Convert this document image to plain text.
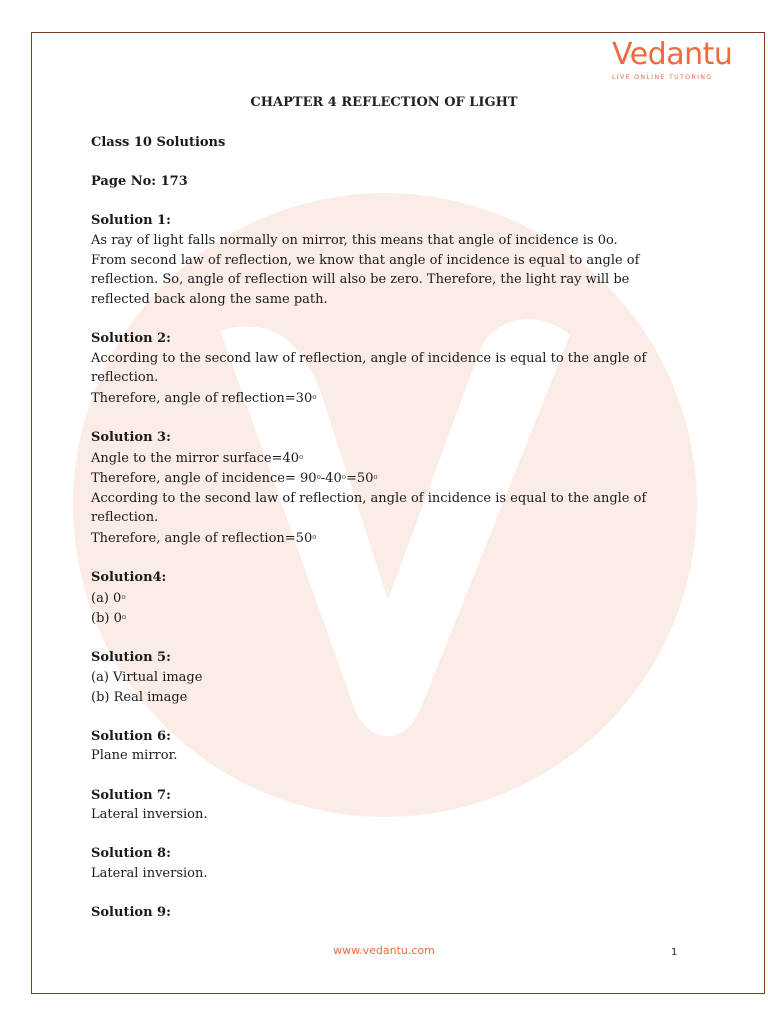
Vedantu
LIVE ONLINE TUTORING
CHAPTER 4 REFLECTION OF LIGHT
Class 10 Solutions
Page No: 173
Solution 1:
As ray of light falls normally on mirror, this means that angle of incidence is 0o.
From second law of reflection, we know that angle of incidence is equal to angle of
reflection. So, angle of reflection will also be zero. Therefore, the light ray will be
reflected back along the same path.
Solution 2:
According to the second law of reflection, angle of incidence is equal to the angle of
reflection.
Therefore, angle of $reflection=30^o$
Solution 3:
Angle to the mirror $surface=40^o$
Therefore, angle of incidence= $90^o-40^o=50^o$
According to the second law of reflection, angle of incidence is equal to the angle of
reflection.
Therefore, angle of $reflection=50^o$
Solution4:
(a) 0$^o$
(b) 0$^o$
Solution 5:
(a) Virtual image
(b) Real image
Solution 6:
Plane mirror.
Solution 7:
Lateral inversion.
Solution 8:
Lateral inversion.
Solution 9:
www.vedantu.com	1
